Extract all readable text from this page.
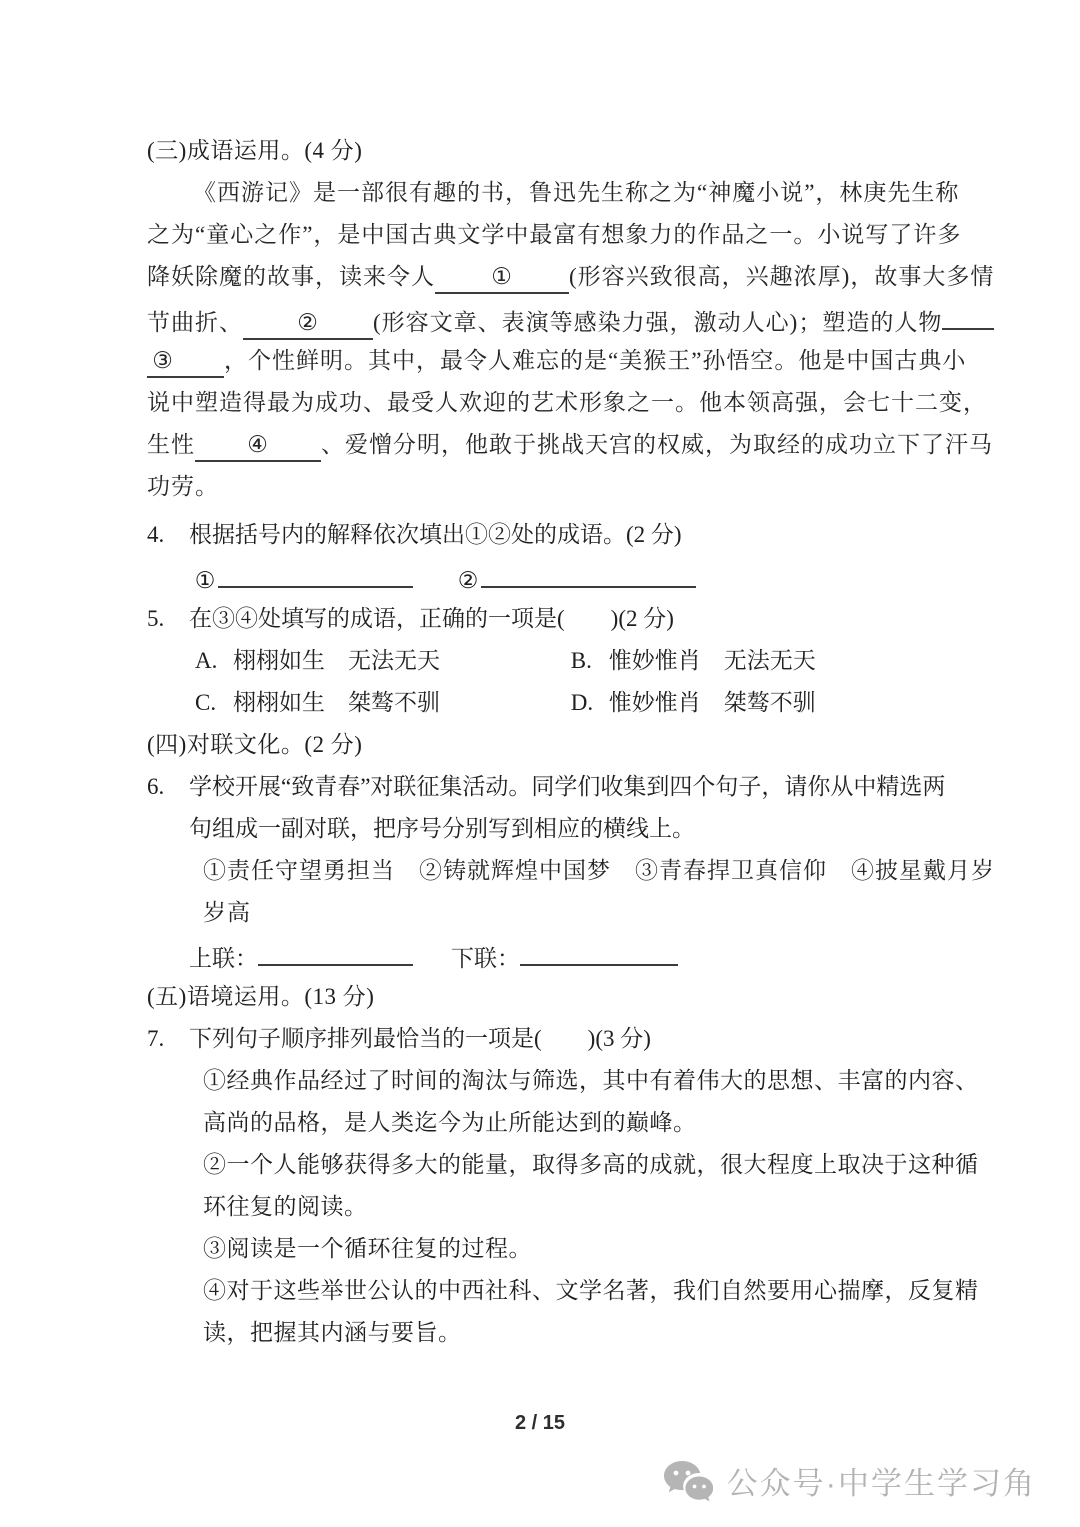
(三)成语运用。(4 分)
《西游记》是一部很有趣的书，鲁迅先生称之为“神魔小说”，林庚先生称
之为“童心之作”，是中国古典文学中最富有想象力的作品之一。小说写了许多
降妖除魔的故事，读来令人 ① (形容兴致很高，兴趣浓厚)，故事大多情
节曲折、 ② (形容文章、表演等感染力强，激动人心)；塑造的人物
③ ，个性鲜明。其中，最令人难忘的是“美猴王”孙悟空。他是中国古典小
说中塑造得最为成功、最受人欢迎的艺术形象之一。他本领高强，会七十二变，
生性 ④ 、爱憎分明，他敢于挑战天宫的权威，为取经的成功立下了汗马
功劳。
4. 根据括号内的解释依次填出①②处的成语。(2 分)
①	②
5. 在③④处填写的成语，正确的一项是(　　)(2 分)
A. 栩栩如生　无法无天	B. 惟妙惟肖　无法无天
C. 栩栩如生　桀骜不驯	D. 惟妙惟肖　桀骜不驯
(四)对联文化。(2 分)
6. 学校开展“致青春”对联征集活动。同学们收集到四个句子，请你从中精选两
句组成一副对联，把序号分别写到相应的横线上。
①责任守望勇担当　②铸就辉煌中国梦　③青春捍卫真信仰　④披星戴月岁
岁高
上联：	下联：
(五)语境运用。(13 分)
7. 下列句子顺序排列最恰当的一项是(　　)(3 分)
①经典作品经过了时间的淘汰与筛选，其中有着伟大的思想、丰富的内容、
高尚的品格，是人类迄今为止所能达到的巅峰。
②一个人能够获得多大的能量，取得多高的成就，很大程度上取决于这种循
环往复的阅读。
③阅读是一个循环往复的过程。
④对于这些举世公认的中西社科、文学名著，我们自然要用心揣摩，反复精
读，把握其内涵与要旨。
2 / 15
公众号·中学生学习角
